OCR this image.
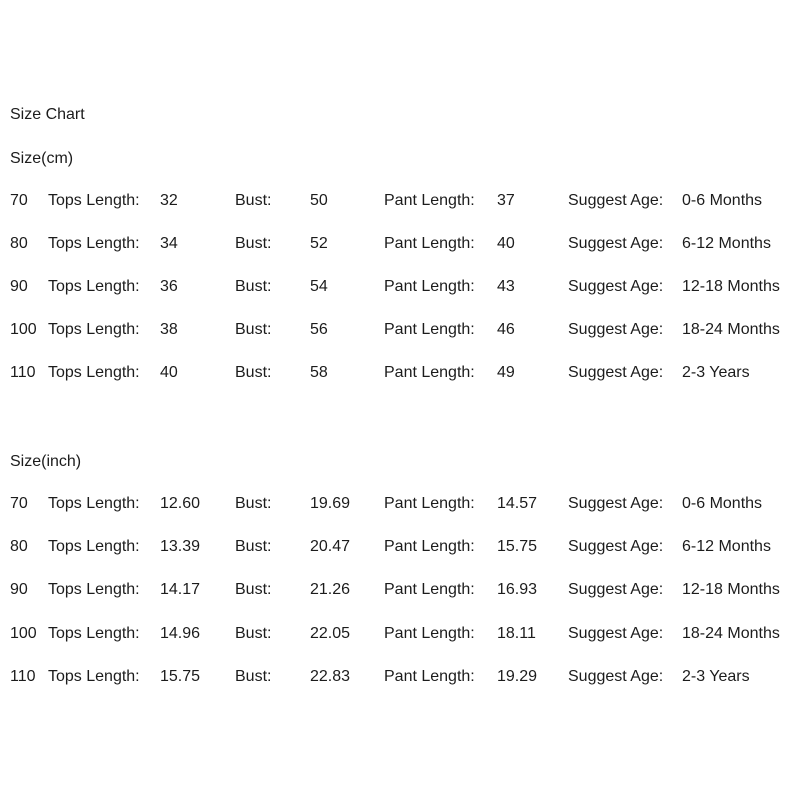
Size Chart
Size(cm)
70	Tops Length:	32	Bust:	50	Pant Length:	37	Suggest Age:	0-6 Months
80	Tops Length:	34	Bust:	52	Pant Length:	40	Suggest Age:	6-12 Months
90	Tops Length:	36	Bust:	54	Pant Length:	43	Suggest Age:	12-18 Months
100 Tops Length:	38	Bust:	56	Pant Length:	46	Suggest Age:	18-24 Months
110 Tops Length:	40	Bust:	58	Pant Length:	49	Suggest Age:	2-3 Years
Size(inch)
70	Tops Length:	12.60	Bust:	19.69	Pant Length:	14.57	Suggest Age:	0-6 Months
80	Tops Length:	13.39	Bust:	20.47	Pant Length:	15.75	Suggest Age:	6-12 Months
90	Tops Length:	14.17	Bust:	21.26	Pant Length:	16.93	Suggest Age:	12-18 Months
100 Tops Length:	14.96	Bust:	22.05	Pant Length:	18.11	Suggest Age:	18-24 Months
110 Tops Length:	15.75	Bust:	22.83	Pant Length:	19.29	Suggest Age:	2-3 Years
